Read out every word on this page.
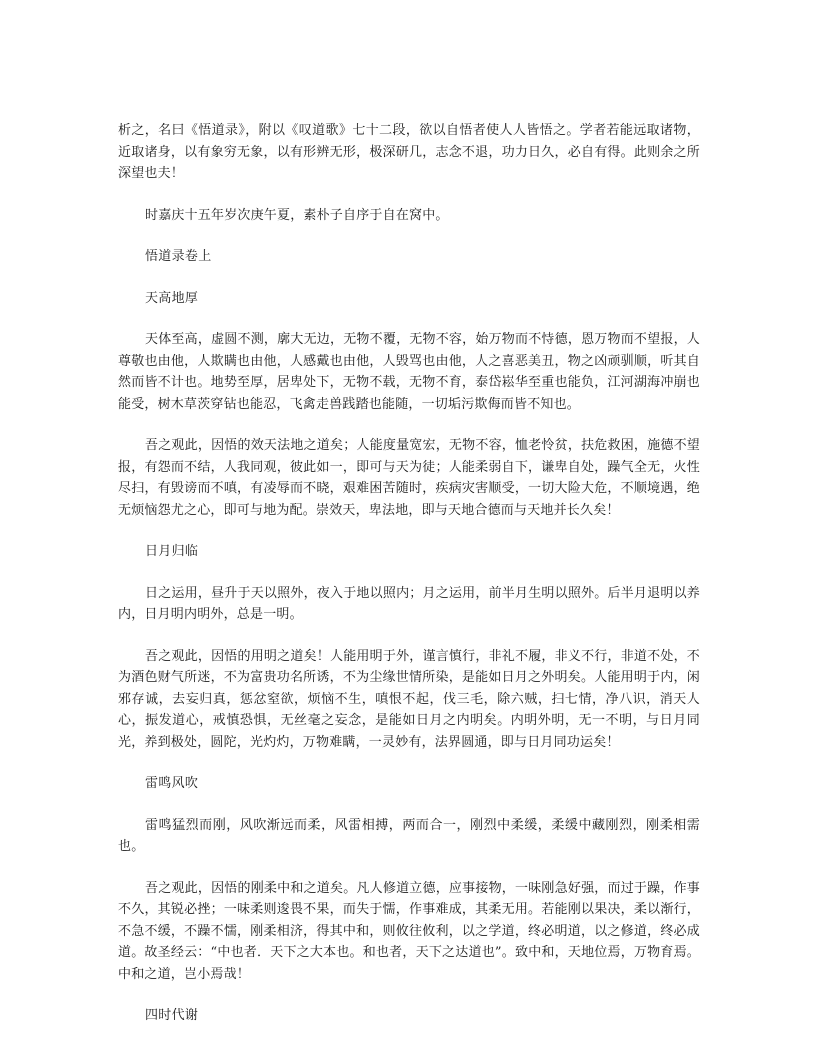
析之，名曰《悟道录》，附以《叹道歌》七十二段，欲以自悟者使人人皆悟之。学者若能远取诸物，近取诸身，以有象穷无象，以有形辨无形，极深研几，志念不退，功力日久，必自有得。此则余之所深望也夫！

时嘉庆十五年岁次庚午夏，素朴子自序于自在窝中。

悟道录卷上

天高地厚

天体至高，虚圆不测，廓大无边，无物不覆，无物不容，始万物而不恃德，恩万物而不望报，人尊敬也由他，人欺瞒也由他，人感戴也由他，人毁骂也由他，人之喜恶美丑，物之凶顽驯顺，听其自然而皆不计也。地势至厚，居卑处下，无物不载，无物不育，泰岱崧华至重也能负，江河湖海冲崩也能受，树木草茨穿钻也能忍，飞禽走兽践踏也能随，一切垢污欺侮而皆不知也。

吾之观此，因悟的效天法地之道矣；人能度量宽宏，无物不容，恤老怜贫，扶危救困，施德不望报，有怨而不结，人我同观，彼此如一，即可与天为徒；人能柔弱自下，谦卑自处，躁气全无，火性尽扫，有毁谤而不嗔，有凌辱而不晓，艰难困苦随时，疾病灾害顺受，一切大险大危，不顺境遇，绝无烦恼怨尤之心，即可与地为配。崇效天，卑法地，即与天地合德而与天地并长久矣！

日月归临

日之运用，昼升于天以照外，夜入于地以照内；月之运用，前半月生明以照外。后半月退明以养内，日月明内明外，总是一明。

吾之观此，因悟的用明之道矣！人能用明于外，谨言慎行，非礼不履，非义不行，非道不处，不为酒色财气所迷，不为富贵功名所诱，不为尘缘世情所染，是能如日月之外明矣。人能用明于内，闲邪存诚，去妄归真，惩忿窒欲，烦恼不生，嗔恨不起，伐三毛，除六贼，扫七情，净八识，消天人心，振发道心，戒慎恐惧，无丝毫之妄念，是能如日月之内明矣。内明外明，无一不明，与日月同光，养到极处，圆陀，光灼灼，万物难瞒，一灵妙有，法界圆通，即与日月同功运矣！

雷鸣风吹

雷鸣猛烈而刚，风吹渐远而柔，风雷相搏，两而合一，刚烈中柔缓，柔缓中藏刚烈，刚柔相需也。

吾之观此，因悟的刚柔中和之道矣。凡人修道立德，应事接物，一味刚急好强，而过于躁，作事不久，其锐必挫；一味柔则逡畏不果，而失于懦，作事难成，其柔无用。若能刚以果决，柔以渐行，不急不缓，不躁不懦，刚柔相济，得其中和，则攸往攸利，以之学道，终必明道，以之修道，终必成道。故圣经云：“中也者．天下之大本也。和也者，天下之达道也”。致中和，天地位焉，万物育焉。中和之道，岂小焉哉！

四时代谢
